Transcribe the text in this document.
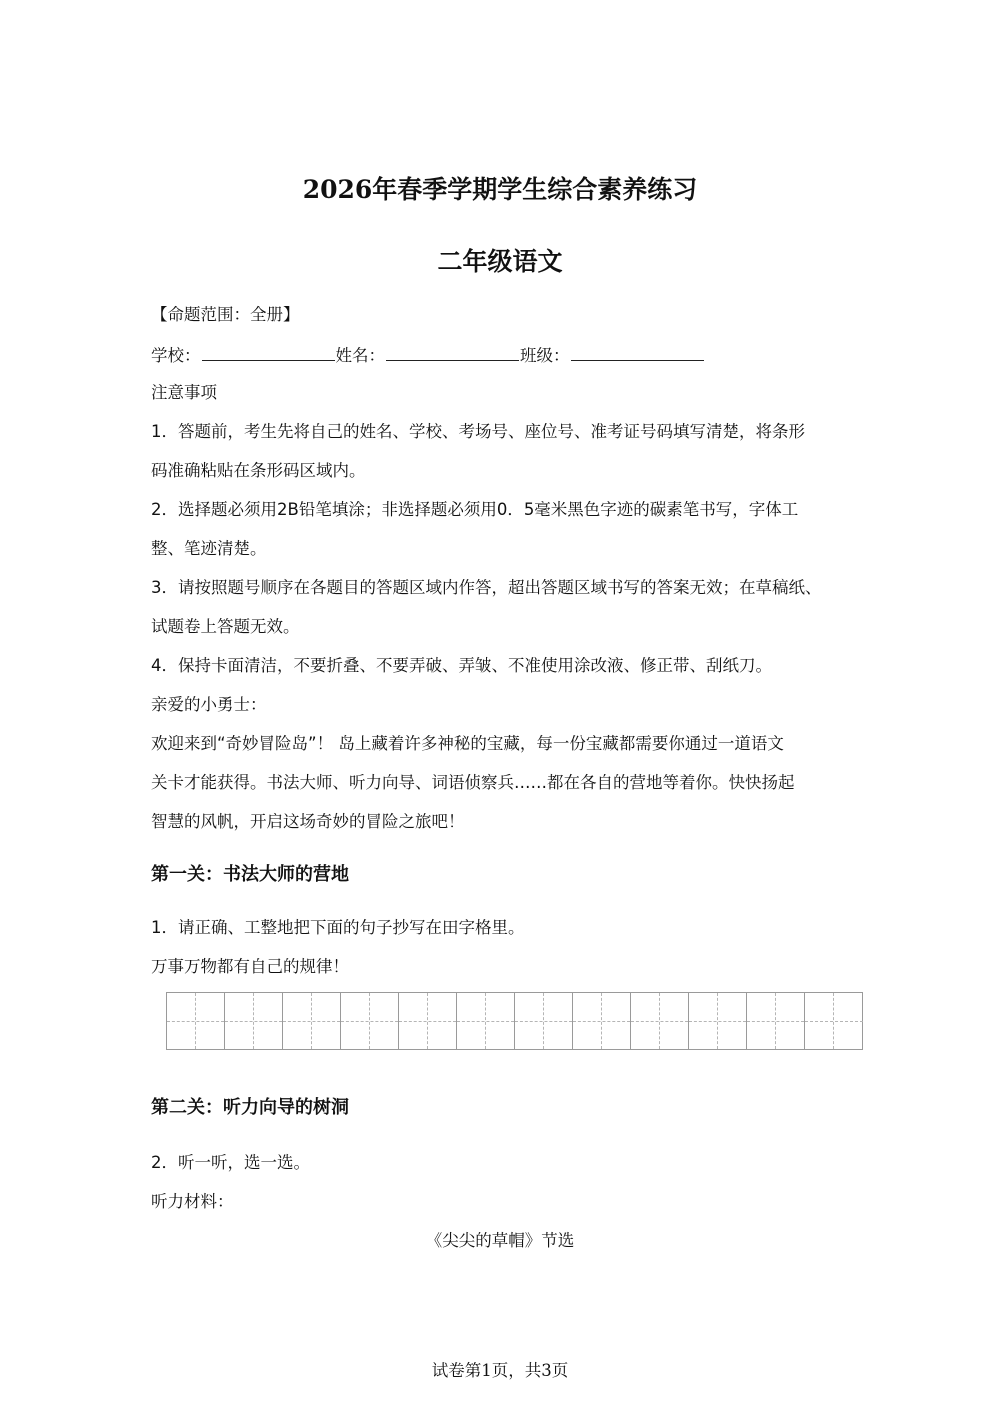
2026年春季学期学生综合素养练习
二年级语文
【命题范围：全册】
学校：	姓名：	班级：
注意事项
1．答题前，考生先将自己的姓名、学校、考场号、座位号、准考证号码填写清楚，将条形
码准确粘贴在条形码区域内。
2．选择题必须用2B铅笔填涂；非选择题必须用0．5毫米黑色字迹的碳素笔书写，字体工
整、笔迹清楚。
3．请按照题号顺序在各题目的答题区域内作答，超出答题区域书写的答案无效；在草稿纸、
试题卷上答题无效。
4．保持卡面清洁，不要折叠、不要弄破、弄皱、不准使用涂改液、修正带、刮纸刀。
亲爱的小勇士：
欢迎来到“奇妙冒险岛”！ 岛上藏着许多神秘的宝藏，每一份宝藏都需要你通过一道语文
关卡才能获得。书法大师、听力向导、词语侦察兵……都在各自的营地等着你。快快扬起
智慧的风帆，开启这场奇妙的冒险之旅吧！
第一关：书法大师的营地
1．请正确、工整地把下面的句子抄写在田字格里。
万事万物都有自己的规律！
第二关：听力向导的树洞
2．听一听，选一选。
听力材料：
《尖尖的草帽》节选
试卷第1页，共3页
